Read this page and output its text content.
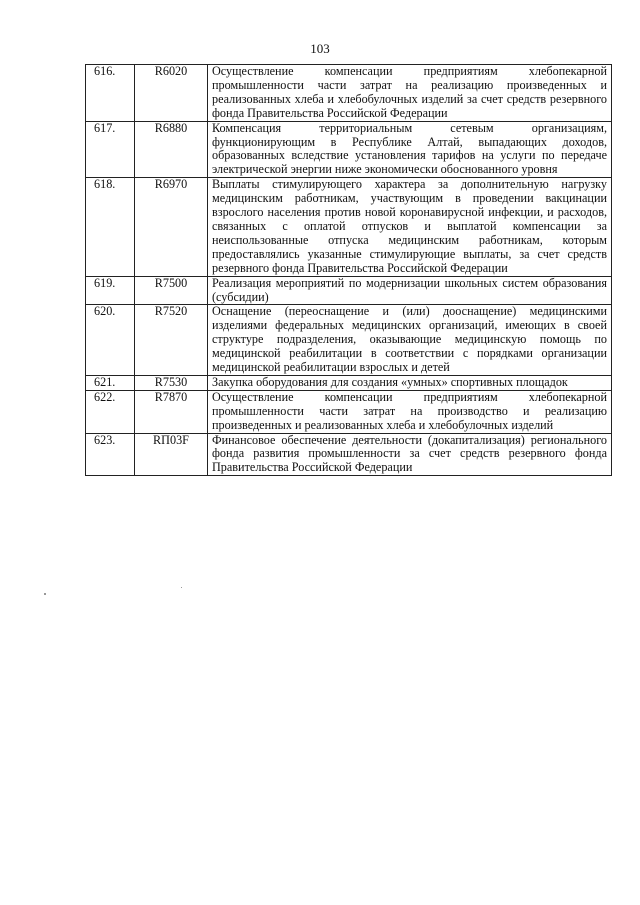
103
616.	R6020	Осуществление компенсации предприятиям хлебопекарной промышленности части затрат на реализацию произведенных и реализованных хлеба и хлебобулочных изделий за счет средств резервного фонда Правительства Российской Федерации
617.	R6880	Компенсация территориальным сетевым организациям, функционирующим в Республике Алтай, выпадающих доходов, образованных вследствие установления тарифов на услуги по передаче электрической энергии ниже экономически обоснованного уровня
618.	R6970	Выплаты стимулирующего характера за дополнительную нагрузку медицинским работникам, участвующим в проведении вакцинации взрослого населения против новой коронавирусной инфекции, и расходов, связанных с оплатой отпусков и выплатой компенсации за неиспользованные отпуска медицинским работникам, которым предоставлялись указанные стимулирующие выплаты, за счет средств резервного фонда Правительства Российской Федерации
619.	R7500	Реализация мероприятий по модернизации школьных систем образования (субсидии)
620.	R7520	Оснащение (переоснащение и (или) дооснащение) медицинскими изделиями федеральных медицинских организаций, имеющих в своей структуре подразделения, оказывающие медицинскую помощь по медицинской реабилитации в соответствии с порядками организации медицинской реабилитации взрослых и детей
621.	R7530	Закупка оборудования для создания «умных» спортивных площадок
622.	R7870	Осуществление компенсации предприятиям хлебопекарной промышленности части затрат на производство и реализацию произведенных и реализованных хлеба и хлебобулочных изделий
623.	RП03F	Финансовое обеспечение деятельности (докапитализация) регионального фонда развития промышленности за счет средств резервного фонда Правительства Российской Федерации
